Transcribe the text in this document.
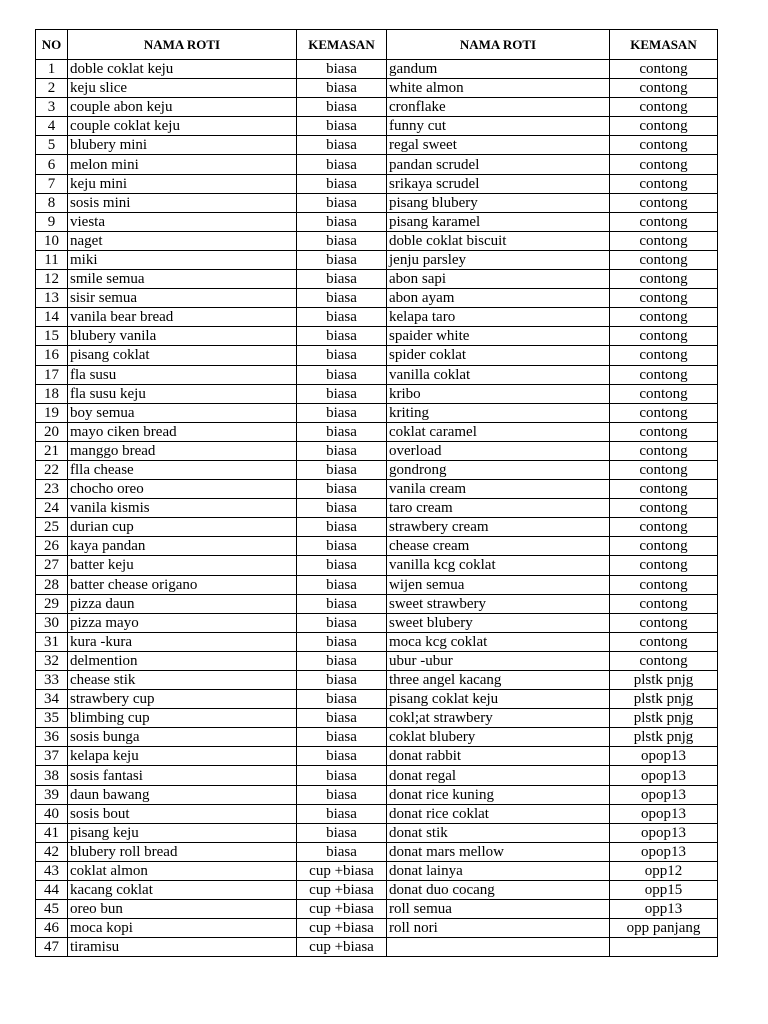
NO	NAMA ROTI	KEMASAN	NAMA ROTI	KEMASAN
1	doble coklat keju	biasa	gandum	contong
2	keju slice	biasa	white almon	contong
3	couple abon keju	biasa	cronflake	contong
4	couple coklat keju	biasa	funny cut	contong
5	blubery mini	biasa	regal sweet	contong
6	melon mini	biasa	pandan scrudel	contong
7	keju mini	biasa	srikaya scrudel	contong
8	sosis mini	biasa	pisang blubery	contong
9	viesta	biasa	pisang karamel	contong
10	naget	biasa	doble coklat biscuit	contong
11	miki	biasa	jenju parsley	contong
12	smile semua	biasa	abon sapi	contong
13	sisir semua	biasa	abon ayam	contong
14	vanila bear bread	biasa	kelapa taro	contong
15	blubery vanila	biasa	spaider white	contong
16	pisang coklat	biasa	spider coklat	contong
17	fla susu	biasa	vanilla coklat	contong
18	fla susu keju	biasa	kribo	contong
19	boy semua	biasa	kriting	contong
20	mayo ciken bread	biasa	coklat caramel	contong
21	manggo bread	biasa	overload	contong
22	flla chease	biasa	gondrong	contong
23	chocho oreo	biasa	vanila cream	contong
24	vanila kismis	biasa	taro cream	contong
25	durian cup	biasa	strawbery cream	contong
26	kaya pandan	biasa	chease cream	contong
27	batter keju	biasa	vanilla kcg coklat	contong
28	batter chease origano	biasa	wijen semua	contong
29	pizza daun	biasa	sweet strawbery	contong
30	pizza mayo	biasa	sweet blubery	contong
31	kura -kura	biasa	moca kcg coklat	contong
32	delmention	biasa	ubur -ubur	contong
33	chease stik	biasa	three angel kacang	plstk pnjg
34	strawbery cup	biasa	pisang coklat keju	plstk pnjg
35	blimbing cup	biasa	cokl;at strawbery	plstk pnjg
36	sosis bunga	biasa	coklat blubery	plstk pnjg
37	kelapa keju	biasa	donat rabbit	opop13
38	sosis fantasi	biasa	donat regal	opop13
39	daun bawang	biasa	donat rice kuning	opop13
40	sosis bout	biasa	donat rice coklat	opop13
41	pisang keju	biasa	donat stik	opop13
42	blubery roll bread	biasa	donat mars mellow	opop13
43	coklat almon	cup +biasa	donat lainya	opp12
44	kacang coklat	cup +biasa	donat duo cocang	opp15
45	oreo bun	cup +biasa	roll semua	opp13
46	moca kopi	cup +biasa	roll nori	opp panjang
47	tiramisu	cup +biasa		
